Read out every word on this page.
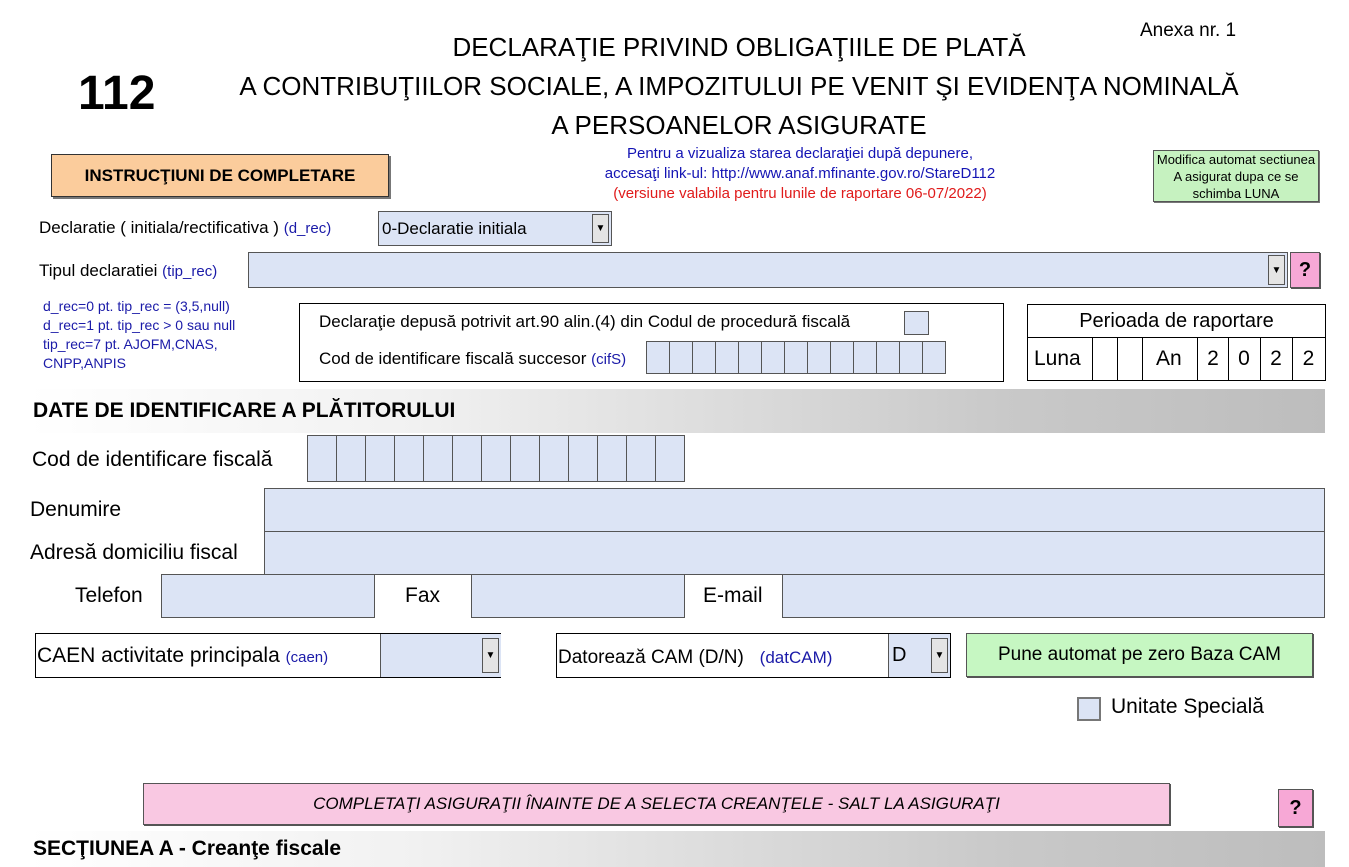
112
Anexa nr. 1
DECLARAŢIE PRIVIND OBLIGAŢIILE DE PLATĂ
A CONTRIBUŢIILOR SOCIALE, A IMPOZITULUI PE VENIT ŞI EVIDENŢA NOMINALĂ
A PERSOANELOR ASIGURATE
INSTRUCŢIUNI DE COMPLETARE
Pentru a vizualiza starea declaraţiei după depunere,
accesaţi link-ul: http://www.anaf.mfinante.gov.ro/StareD112
(versiune valabila pentru lunile de raportare 06-07/2022)
Modifica automat sectiunea A asigurat dupa ce se schimba LUNA
Declaratie ( initiala/rectificativa ) (d_rec)	0-Declaratie initiala	▼
Tipul declaratiei (tip_rec)	▼ ?
d_rec=0 pt. tip_rec = (3,5,null)
d_rec=1 pt. tip_rec > 0 sau null
tip_rec=7 pt. AJOFM,CNAS,
CNPP,ANPIS
Declaraţie depusă potrivit art.90 alin.(4) din Codul de procedură fiscală
Cod de identificare fiscală succesor (cifS)
Perioada de raportare
Luna	An	2 0 2 2
DATE DE IDENTIFICARE A PLĂTITORULUI
Cod de identificare fiscală
Denumire
Adresă domiciliu fiscal
Telefon	Fax	E-mail
CAEN activitate principala (caen)	▼	Datorează CAM (D/N) (datCAM)	D	▼	Pune automat pe zero Baza CAM
Unitate Specială
COMPLETAŢI ASIGURAŢII ÎNAINTE DE A SELECTA CREANŢELE - SALT LA ASIGURAŢI	?
SECŢIUNEA A - Creanţe fiscale
